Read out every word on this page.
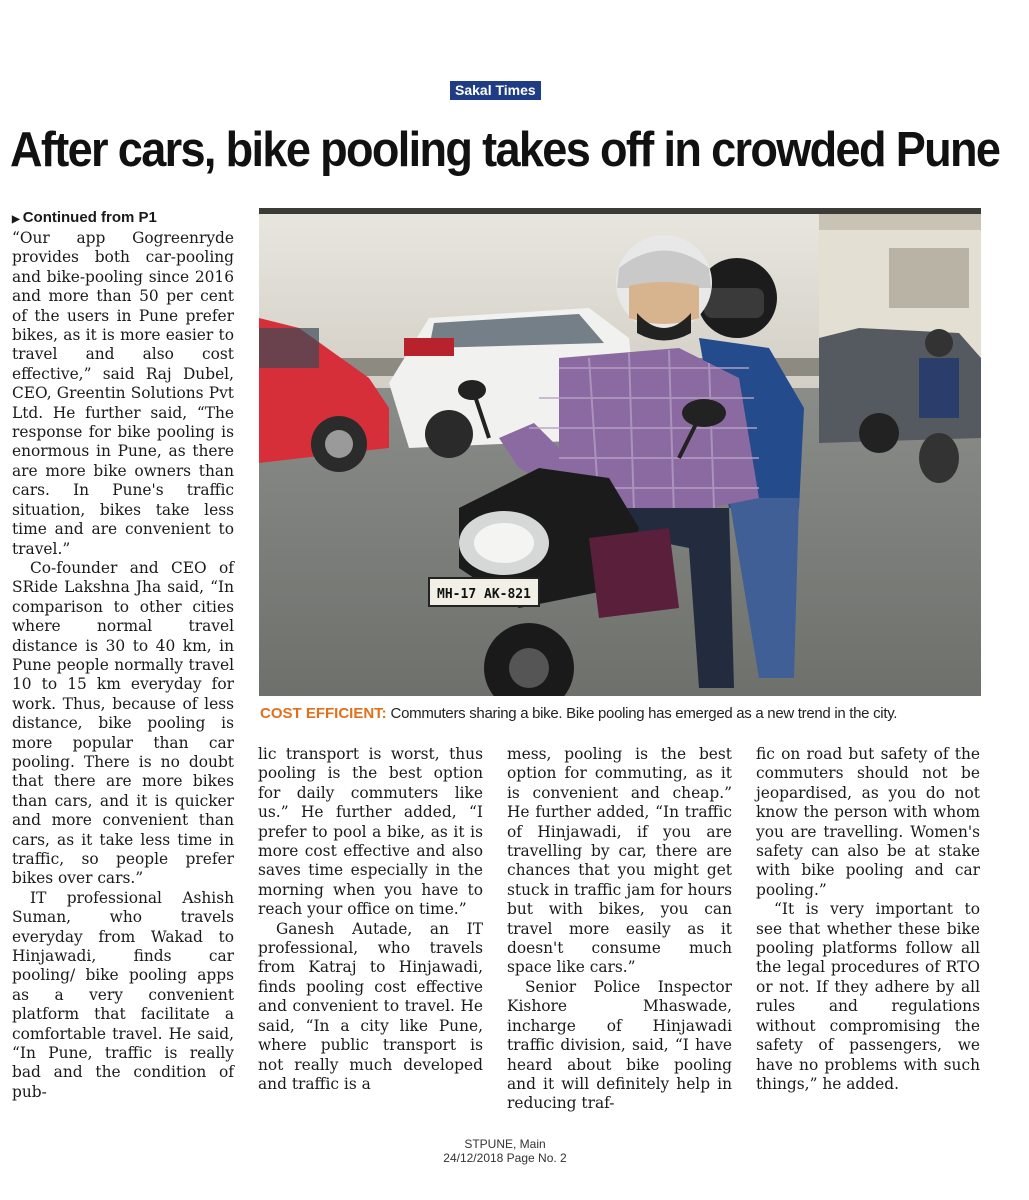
Sakal Times
After cars, bike pooling takes off in crowded Pune
MH-17 AK-821
COST EFFICIENT: Commuters sharing a bike. Bike pooling has emerged as a new trend in the city.
▶ Continued from P1

“Our app Gogreenryde provides both car-pooling and bike-pooling since 2016 and more than 50 per cent of the users in Pune prefer bikes, as it is more easier to travel and also cost effective,” said Raj Dubel, CEO, Greentin Solutions Pvt Ltd. He further said, “The response for bike pooling is enormous in Pune, as there are more bike owners than cars. In Pune's traffic situation, bikes take less time and are convenient to travel.”

Co-founder and CEO of SRide Lakshna Jha said, “In comparison to other cities where normal travel distance is 30 to 40 km, in Pune people normally travel 10 to 15 km everyday for work. Thus, because of less distance, bike pooling is more popular than car pooling. There is no doubt that there are more bikes than cars, and it is quicker and more convenient than cars, as it take less time in traffic, so people prefer bikes over cars.”

IT professional Ashish Suman, who travels everyday from Wakad to Hinjawadi, finds car pooling/ bike pooling apps as a very convenient platform that facilitate a comfortable travel. He said, “In Pune, traffic is really bad and the condition of pub-

lic transport is worst, thus pooling is the best option for daily commuters like us.” He further added, “I prefer to pool a bike, as it is more cost effective and also saves time especially in the morning when you have to reach your office on time.”

Ganesh Autade, an IT professional, who travels from Katraj to Hinjawadi, finds pooling cost effective and convenient to travel. He said, “In a city like Pune, where public transport is not really much developed and traffic is a

mess, pooling is the best option for commuting, as it is convenient and cheap.” He further added, “In traffic of Hinjawadi, if you are travelling by car, there are chances that you might get stuck in traffic jam for hours but with bikes, you can travel more easily as it doesn't consume much space like cars.”

Senior Police Inspector Kishore Mhaswade, incharge of Hinjawadi traffic division, said, “I have heard about bike pooling and it will definitely help in reducing traf-

fic on road but safety of the commuters should not be jeopardised, as you do not know the person with whom you are travelling. Women's safety can also be at stake with bike pooling and car pooling.”

“It is very important to see that whether these bike pooling platforms follow all the legal procedures of RTO or not. If they adhere by all rules and regulations without compromising the safety of passengers, we have no problems with such things,” he added.

STPUNE, Main
24/12/2018 Page No. 2
